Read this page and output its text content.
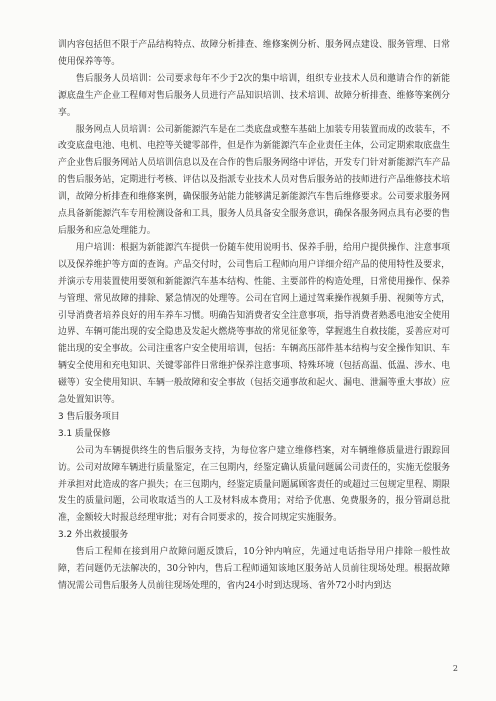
训内容包括但不限于产品结构特点、故障分析排查、维修案例分析、服务网点建设、服务管理、日常使用保养等等。

售后服务人员培训：公司要求每年不少于2次的集中培训，组织专业技术人员和邀请合作的新能源底盘生产企业工程师对售后服务人员进行产品知识培训、技术培训、故障分析排查、维修等案例分享。

服务网点人员培训：公司新能源汽车是在二类底盘或整车基础上加装专用装置而成的改装车，不改变底盘电池、电机、电控等关键零部件，但是作为新能源汽车企业责任主体，公司定期索取底盘生产企业售后服务网站人员培训信息以及在合作的售后服务网络中评估，开发专门针对新能源汽车产品的售后服务站，定期进行考核、评估以及指派专业技术人员对售后服务站的技师进行产品维修技术培训，故障分析排查和维修案例，确保服务站能力能够满足新能源汽车售后维修要求。公司要求服务网点具备新能源汽车专用检测设备和工具，服务人员具备安全服务意识，确保各服务网点具有必要的售后服务和应急处理能力。

用户培训：根据为新能源汽车提供一份随车使用说明书、保养手册，给用户提供操作、注意事项以及保养维护等方面的查询。产品交付时，公司售后工程师向用户详细介绍产品的使用特性及要求，并演示专用装置使用要领和新能源汽车基本结构、性能、主要部件的构造处理，日常使用操作、保养与管理、常见故障的排除、紧急情况的处理等。公司在官网上通过驾乘操作视频手册、视频等方式，引导消费者培养良好的用车养车习惯。明确告知消费者安全注意事项，指导消费者熟悉电池安全使用边界、车辆可能出现的安全隐患及发起火燃烧等事故的常见征象等，掌握逃生自救技能，妥善应对可能出现的安全事故。公司注重客户安全使用培训，包括：车辆高压部件基本结构与安全操作知识、车辆安全使用和充电知识、关键零部件日常维护保养注意事项、特殊环境（包括高温、低温、涉水、电磁等）安全使用知识、车辆一般故障和安全事故（包括交通事故和起火、漏电、泄漏等重大事故）应急处置知识等。

3 售后服务项目

3.1 质量保修

公司为车辆提供终生的售后服务支持，为每位客户建立维修档案，对车辆维修质量进行跟踪回访。公司对故障车辆进行质量鉴定，在三包期内，经鉴定确认质量问题属公司责任的，实施无偿服务并承担对此造成的客户损失；在三包期内，经鉴定质量问题属顾客责任的或超过三包规定里程、期限发生的质量问题，公司收取适当的人工及材料成本费用；对给予优惠、免费服务的，报分管副总批准，金额较大时报总经理审批；对有合同要求的，按合同规定实施服务。

3.2 外出救援服务

售后工程师在接到用户故障问题反馈后，10分钟内响应，先通过电话指导用户排除一般性故障，若问题仍无法解决的，30分钟内，售后工程师通知该地区服务站人员前往现场处理。根据故障情况需公司售后服务人员前往现场处理的，省内24小时到达现场、省外72小时内到达

2
